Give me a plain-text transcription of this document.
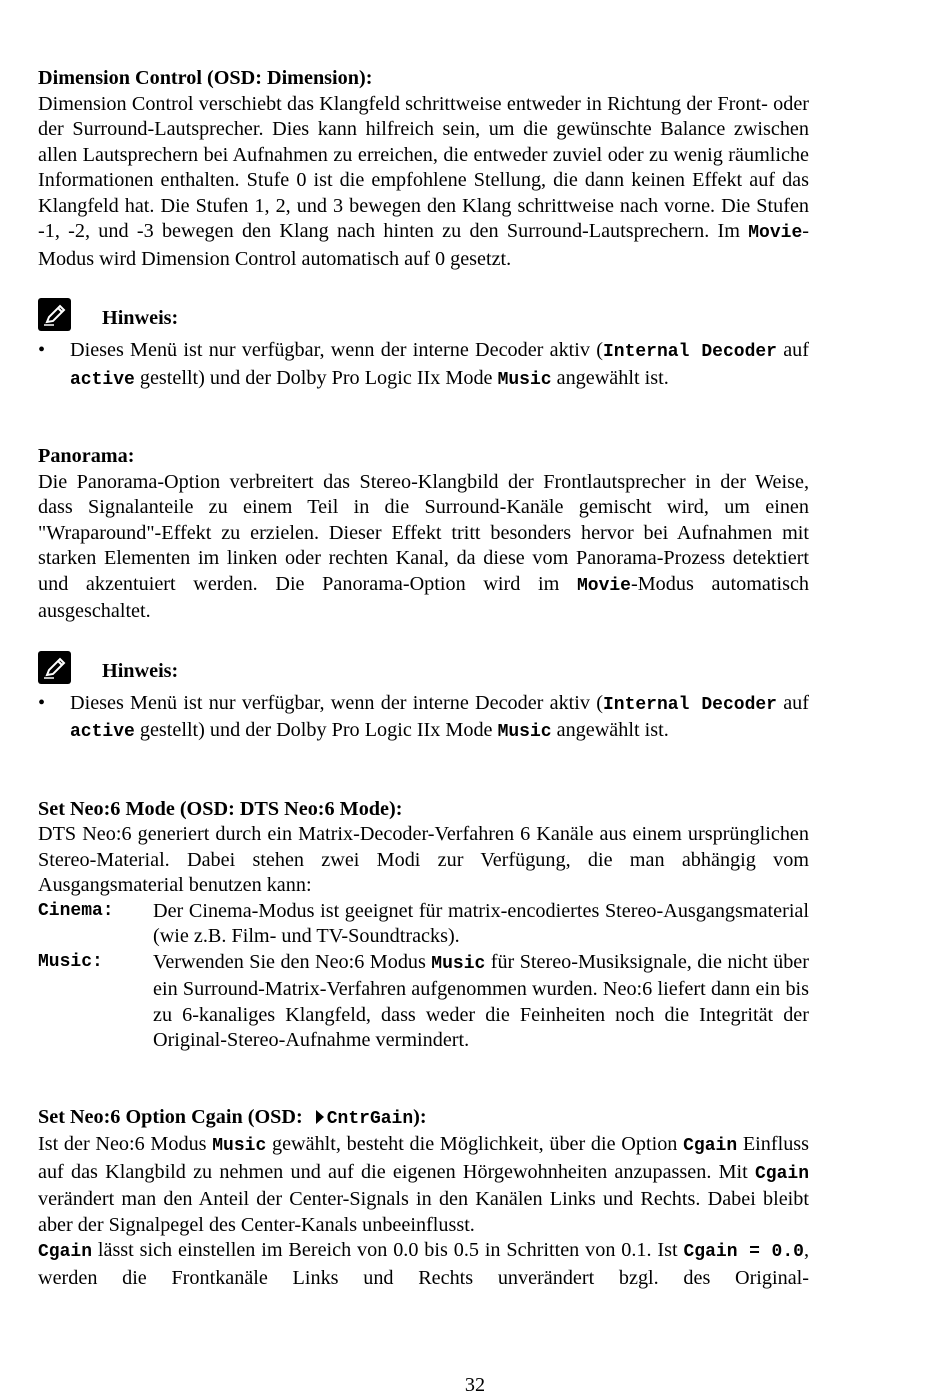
Dimension Control (OSD: Dimension):

Dimension Control verschiebt das Klangfeld schrittweise entweder in Richtung der Front- oder der Surround-Lautsprecher. Dies kann hilfreich sein, um die gewünschte Balance zwischen allen Lautsprechern bei Aufnahmen zu erreichen, die entweder zuviel oder zu wenig räumliche Informationen enthalten. Stufe 0 ist die empfohlene Stellung, die dann keinen Effekt auf das Klangfeld hat. Die Stufen 1, 2, und 3 bewegen den Klang schrittweise nach vorne. Die Stufen -1, -2, und -3 bewegen den Klang nach hinten zu den Surround-Lautsprechern. Im Movie-Modus wird Dimension Control automatisch auf 0 gesetzt.

Hinweis:
• Dieses Menü ist nur verfügbar, wenn der interne Decoder aktiv (Internal Decoder auf active gestellt) und der Dolby Pro Logic IIx Mode Music angewählt ist.

Panorama:

Die Panorama-Option verbreitert das Stereo-Klangbild der Frontlautsprecher in der Weise, dass Signalanteile zu einem Teil in die Surround-Kanäle gemischt wird, um einen "Wraparound"-Effekt zu erzielen. Dieser Effekt tritt besonders hervor bei Aufnahmen mit starken Elementen im linken oder rechten Kanal, da diese vom Panorama-Prozess detektiert und akzentuiert werden. Die Panorama-Option wird im Movie-Modus automatisch ausgeschaltet.

Hinweis:
• Dieses Menü ist nur verfügbar, wenn der interne Decoder aktiv (Internal Decoder auf active gestellt) und der Dolby Pro Logic IIx Mode Music angewählt ist.

Set Neo:6 Mode (OSD: DTS Neo:6 Mode):

DTS Neo:6 generiert durch ein Matrix-Decoder-Verfahren 6 Kanäle aus einem ursprünglichen Stereo-Material. Dabei stehen zwei Modi zur Verfügung, die man abhängig vom Ausgangsmaterial benutzen kann:

Cinema:	Der Cinema-Modus ist geeignet für matrix-encodiertes Stereo-Ausgangsmaterial (wie z.B. Film- und TV-Soundtracks).

Music:	Verwenden Sie den Neo:6 Modus Music für Stereo-Musiksignale, die nicht über ein Surround-Matrix-Verfahren aufgenommen wurden. Neo:6 liefert dann ein bis zu 6-kanaliges Klangfeld, dass weder die Feinheiten noch die Integrität der Original-Stereo-Aufnahme vermindert.

Set Neo:6 Option Cgain (OSD: CntrGain):

Ist der Neo:6 Modus Music gewählt, besteht die Möglichkeit, über die Option Cgain Einfluss auf das Klangbild zu nehmen und auf die eigenen Hörgewohnheiten anzupassen. Mit Cgain verändert man den Anteil der Center-Signals in den Kanälen Links und Rechts. Dabei bleibt aber der Signalpegel des Center-Kanals unbeeinflusst.

Cgain lässt sich einstellen im Bereich von 0.0 bis 0.5 in Schritten von 0.1. Ist Cgain = 0.0, werden die Frontkanäle Links und Rechts unverändert bzgl. des Original-

32
